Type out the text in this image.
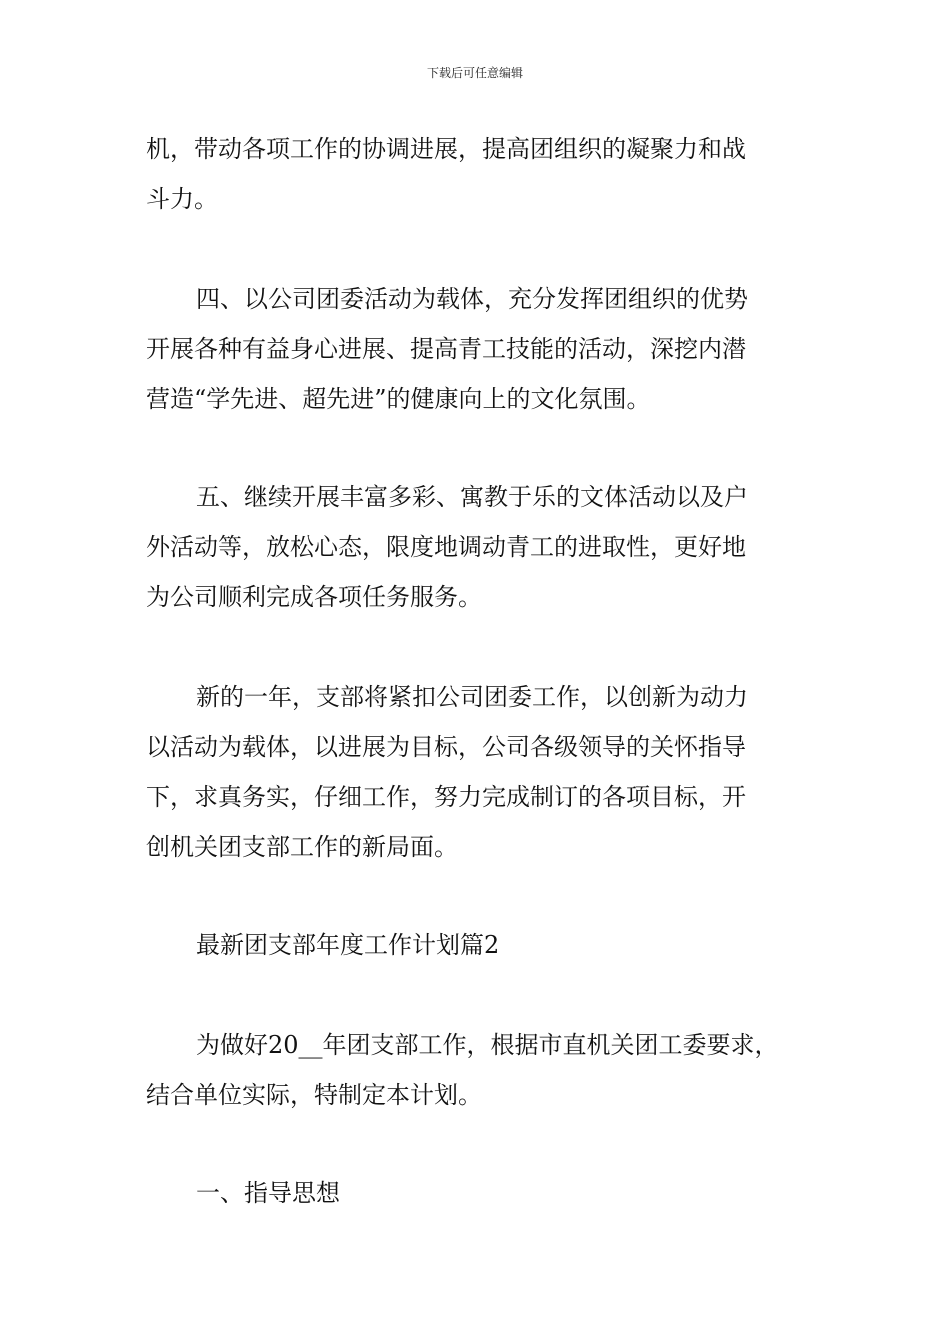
下载后可任意编辑
机，带动各项工作的协调进展，提高团组织的凝聚力和战
斗力。
四、以公司团委活动为载体，充分发挥团组织的优势
开展各种有益身心进展、提高青工技能的活动，深挖内潜
营造“学先进、超先进”的健康向上的文化氛围。
五、继续开展丰富多彩、寓教于乐的文体活动以及户
外活动等，放松心态，限度地调动青工的进取性，更好地
为公司顺利完成各项任务服务。
新的一年，支部将紧扣公司团委工作，以创新为动力
以活动为载体，以进展为目标，公司各级领导的关怀指导
下，求真务实，仔细工作，努力完成制订的各项目标，开
创机关团支部工作的新局面。
最新团支部年度工作计划篇2
为做好20__年团支部工作，根据市直机关团工委要求，
结合单位实际，特制定本计划。
一、指导思想
